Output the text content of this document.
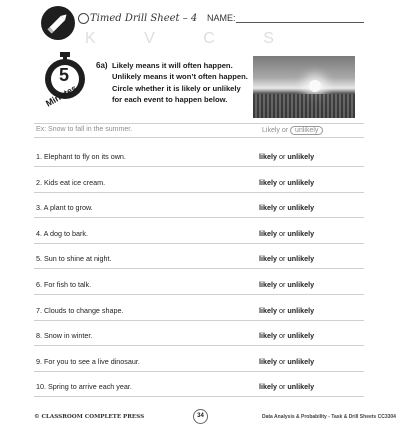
Timed Drill Sheet – 4 NAME:
K V C S
5
Minutes
6a) Likely means it will often happen. Unlikely means it won’t often happen. Circle whether it is likely or unlikely for each event to happen below.
Ex: Snow to fall in the summer.	Likely or unlikely
1. Elephant to fly on its own.	likely or unlikely
2. Kids eat ice cream.	likely or unlikely
3. A plant to grow.	likely or unlikely
4. A dog to bark.	likely or unlikely
5. Sun to shine at night.	likely or unlikely
6. For fish to talk.	likely or unlikely
7. Clouds to change shape.	likely or unlikely
8. Snow in winter.	likely or unlikely
9. For you to see a live dinosaur.	likely or unlikely
10. Spring to arrive each year.	likely or unlikely
© CLASSROOM COMPLETE PRESS	34	Data Analysis & Probability - Task & Drill Sheets CC3304
